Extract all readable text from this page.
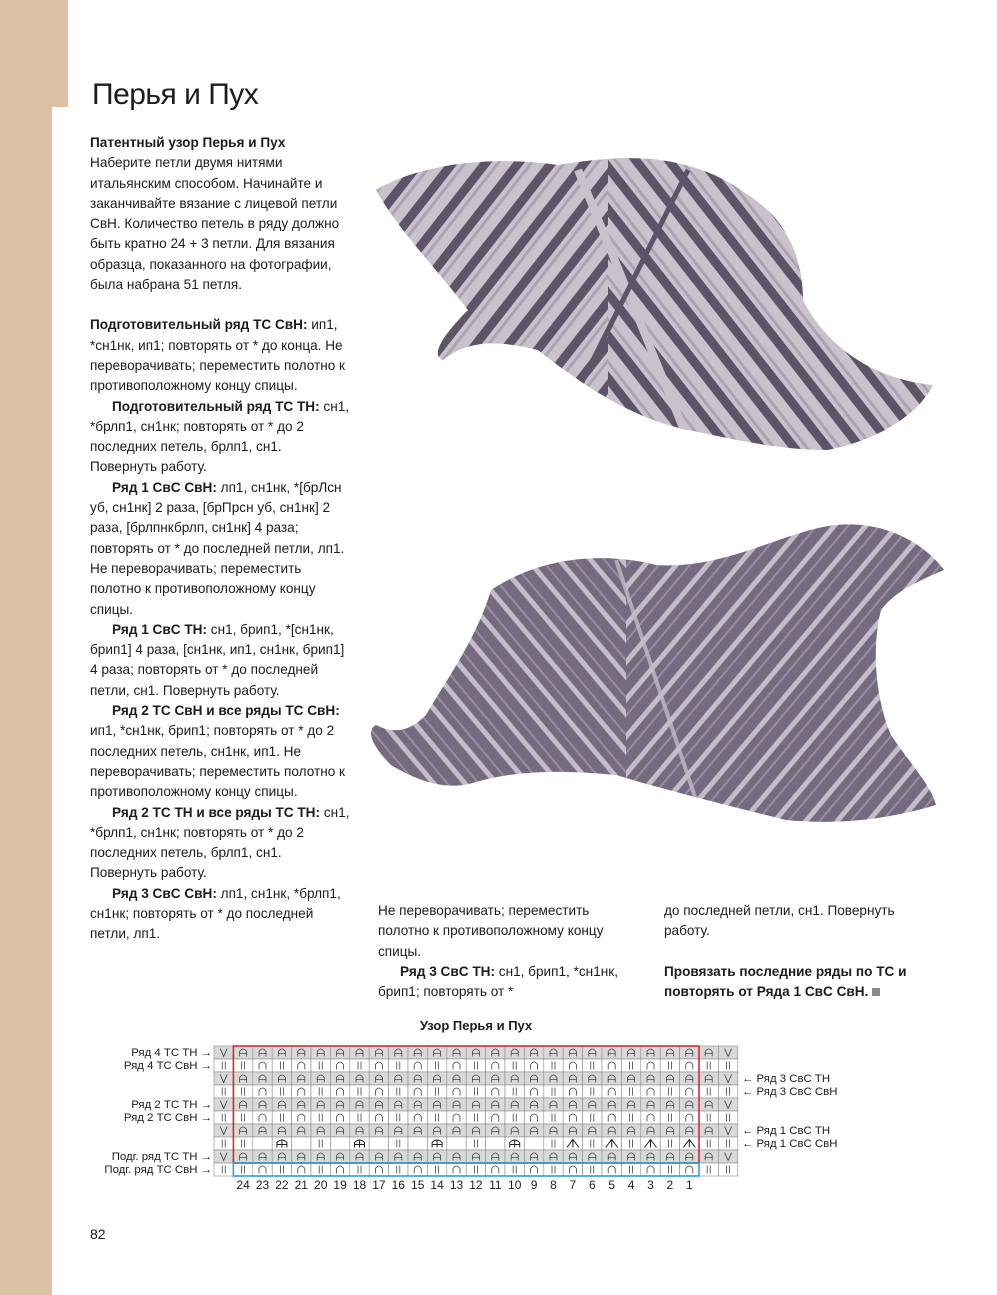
Перья и Пух

Патентный узор Перья и Пух

Наберите петли двумя нитями итальянским способом. Начинайте и заканчивайте вязание с лицевой петли СвН. Количество петель в ряду должно быть кратно 24 + 3 петли. Для вязания образца, показанного на фотографии, была набрана 51 петля.

Подготовительный ряд ТС СвН: ип1, *сн1нк, ип1; повторять от * до конца. Не переворачивать; переместить полотно к противоположному концу спицы.

Подготовительный ряд ТС ТН: сн1, *брлп1, сн1нк; повторять от * до 2 последних петель, брлп1, сн1. Повернуть работу.

Ряд 1 СвС СвН: лп1, сн1нк, *[брЛсн уб, сн1нк] 2 раза, [брПрсн уб, сн1нк] 2 раза, [брлпнкбрлп, сн1нк] 4 раза; повторять от * до последней петли, лп1. Не переворачивать; переместить полотно к противоположному концу спицы.

Ряд 1 СвС ТН: сн1, брип1, *[сн1нк, брип1] 4 раза, [сн1нк, ип1, сн1нк, брип1] 4 раза; повторять от * до последней петли, сн1. Повернуть работу.

Ряд 2 ТС СвН и все ряды ТС СвН: ип1, *сн1нк, брип1; повторять от * до 2 последних петель, сн1нк, ип1. Не переворачивать; переместить полотно к противоположному концу спицы.

Ряд 2 ТС ТН и все ряды ТС ТН: сн1, *брлп1, сн1нк; повторять от * до 2 последних петель, брлп1, сн1. Повернуть работу.

Ряд 3 СвС СвН: лп1, сн1нк, *брлп1, сн1нк; повторять от * до последней петли, лп1.

Не переворачивать; переместить полотно к противоположному концу спицы.

Ряд 3 СвС ТН: сн1, брип1, *сн1нк, брип1; повторять от *

до последней петли, сн1. Повернуть работу.

Провязать последние ряды по ТС и повторять от Ряда 1 СвС СвН.

Узор Перья и Пух
Ряд 4 ТС ТН →
Ряд 4 ТС СвН →
Ряд 2 ТС ТН →
Ряд 2 ТС СвН →
Подг. ряд ТС ТН →
Подг. ряд ТС СвН →
← Ряд 3 СвС ТН
← Ряд 3 СвС СвН
← Ряд 1 СвС ТН
← Ряд 1 СвС СвН
24 23 22 21 20 19 18 17 16 15 14 13 12 11 10 9 8 7 6 5 4 3 2 1

82
